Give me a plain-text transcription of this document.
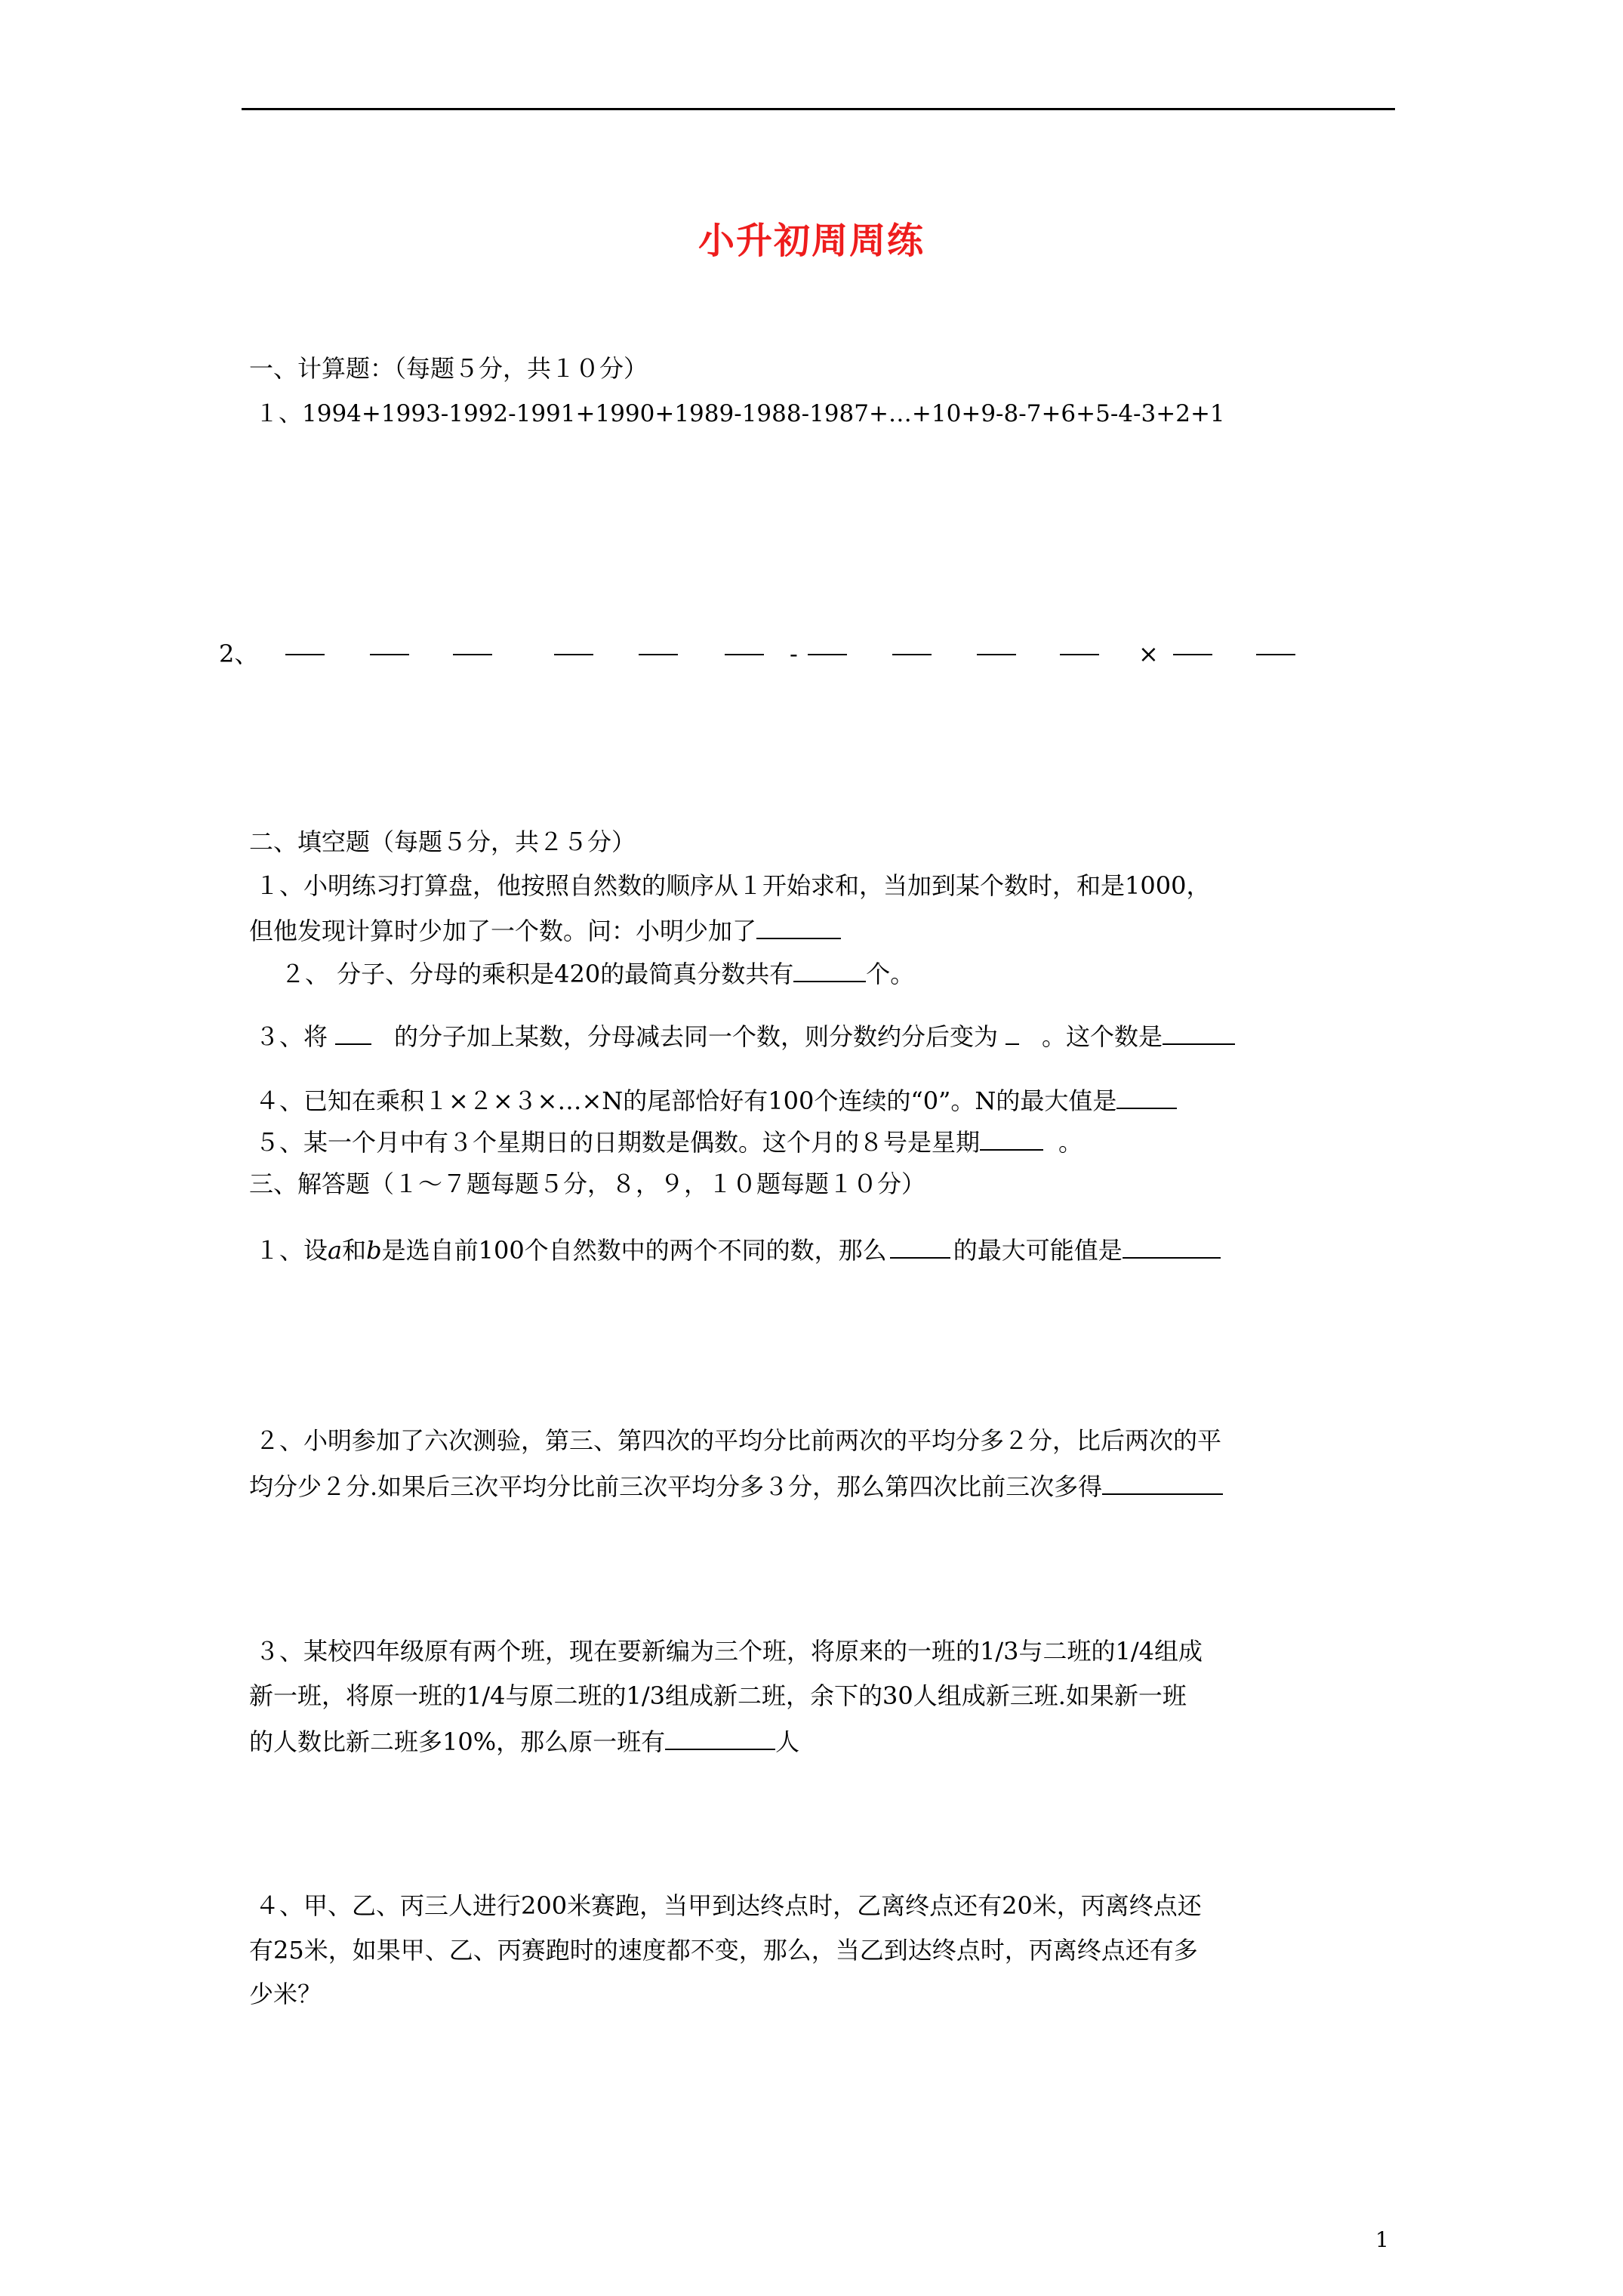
小升初周周练
一、计算题：（每题５分，共１０分）
１、1994+1993-1992-1991+1990+1989-1988-1987+…+10+9-8-7+6+5-4-3+2+1
2、	-	×
二、填空题（每题５分，共２５分）
１、小明练习打算盘，他按照自然数的顺序从１开始求和，当加到某个数时，和是1000，
但他发现计算时少加了一个数。问：小明少加了
２、 分子、分母的乘积是420的最简真分数共有	个。
３、将	的分子加上某数，分母减去同一个数，则分数约分后变为 。这个数是
４、已知在乘积１×２×３×…×N的尾部恰好有100个连续的“0”。N的最大值是
５、某一个月中有３个星期日的日期数是偶数。这个月的８号是星期	。
三、解答题（１～７题每题５分，８，９，１０题每题１０分）
１、设a和b是选自前100个自然数中的两个不同的数，那么	的最大可能值是
２、小明参加了六次测验，第三、第四次的平均分比前两次的平均分多２分，比后两次的平
均分少２分.如果后三次平均分比前三次平均分多３分，那么第四次比前三次多得
３、某校四年级原有两个班，现在要新编为三个班，将原来的一班的1/3与二班的1/4组成
新一班，将原一班的1/4与原二班的1/3组成新二班，余下的30人组成新三班.如果新一班
的人数比新二班多10%，那么原一班有	人
４、甲、乙、丙三人进行200米赛跑，当甲到达终点时，乙离终点还有20米，丙离终点还
有25米，如果甲、乙、丙赛跑时的速度都不变，那么，当乙到达终点时，丙离终点还有多
少米？
1
